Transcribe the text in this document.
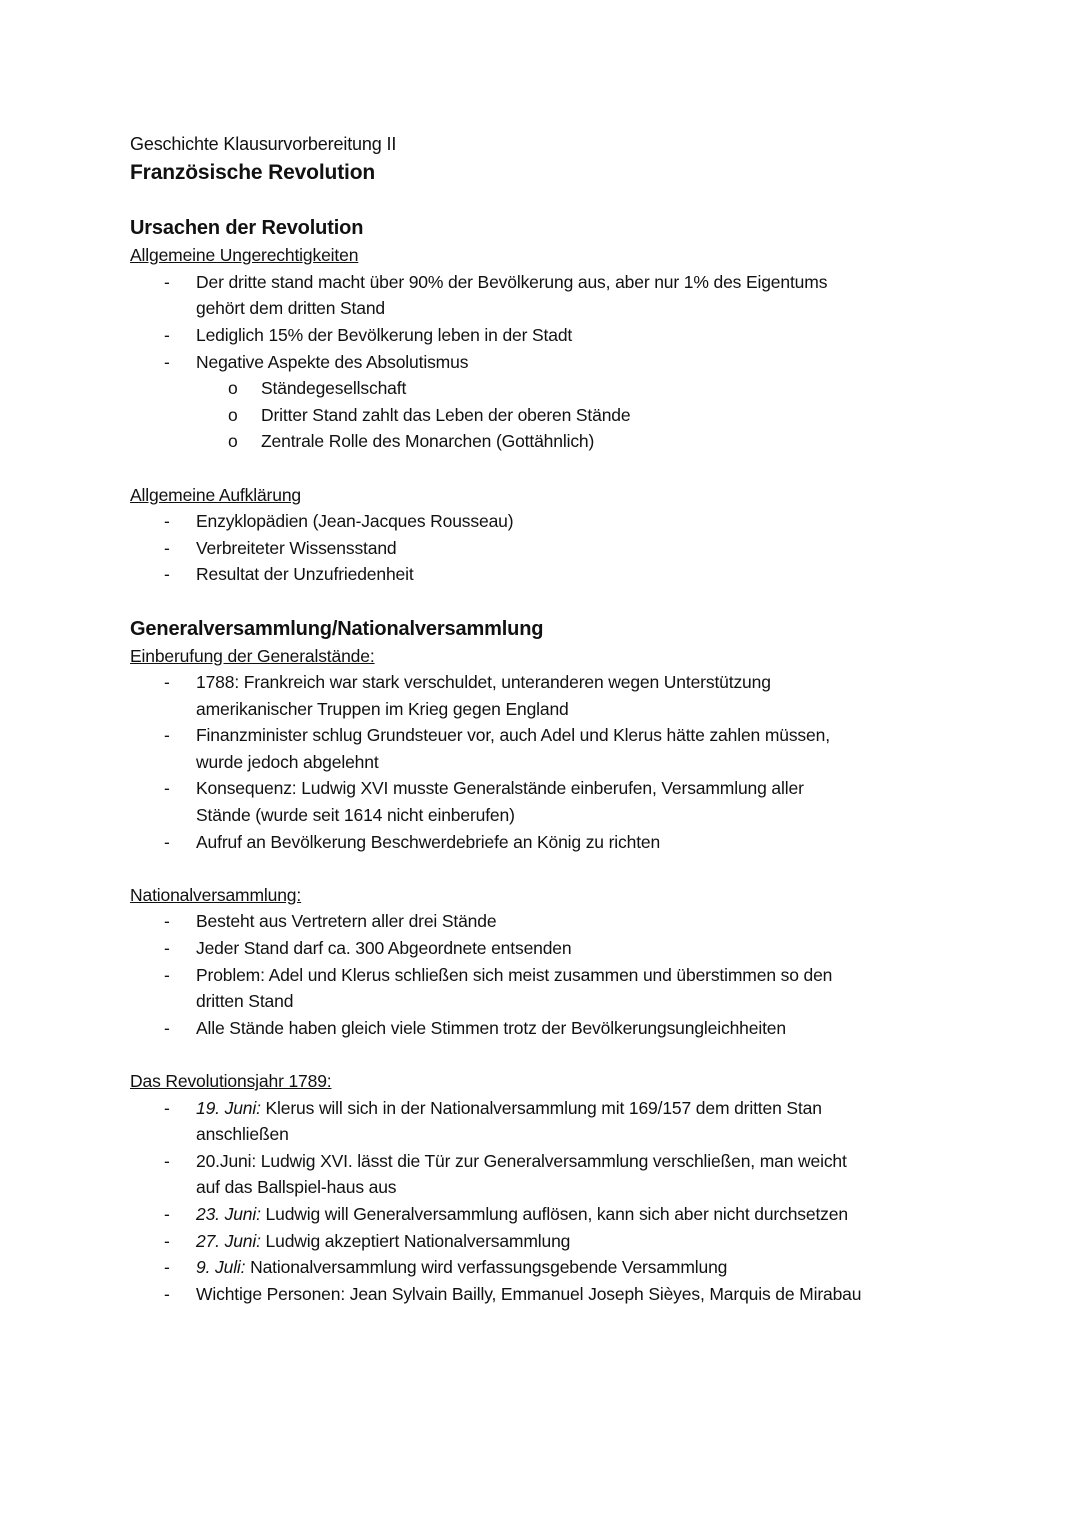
Geschichte Klausurvorbereitung II
Französische Revolution
Ursachen der Revolution
Allgemeine Ungerechtigkeiten
- Der dritte stand macht über 90% der Bevölkerung aus, aber nur 1% des Eigentums
gehört dem dritten Stand
- Lediglich 15% der Bevölkerung leben in der Stadt
- Negative Aspekte des Absolutismus
o Ständegesellschaft
o Dritter Stand zahlt das Leben der oberen Stände
o Zentrale Rolle des Monarchen (Gottähnlich)
Allgemeine Aufklärung
- Enzyklopädien (Jean-Jacques Rousseau)
- Verbreiteter Wissensstand
- Resultat der Unzufriedenheit
Generalversammlung/Nationalversammlung
Einberufung der Generalstände:
- 1788: Frankreich war stark verschuldet, unteranderen wegen Unterstützung
amerikanischer Truppen im Krieg gegen England
- Finanzminister schlug Grundsteuer vor, auch Adel und Klerus hätte zahlen müssen,
wurde jedoch abgelehnt
- Konsequenz: Ludwig XVI musste Generalstände einberufen, Versammlung aller
Stände (wurde seit 1614 nicht einberufen)
- Aufruf an Bevölkerung Beschwerdebriefe an König zu richten
Nationalversammlung:
- Besteht aus Vertretern aller drei Stände
- Jeder Stand darf ca. 300 Abgeordnete entsenden
- Problem: Adel und Klerus schließen sich meist zusammen und überstimmen so den
dritten Stand
- Alle Stände haben gleich viele Stimmen trotz der Bevölkerungsungleichheiten
Das Revolutionsjahr 1789:
- 19. Juni: Klerus will sich in der Nationalversammlung mit 169/157 dem dritten Stan
anschließen
- 20.Juni: Ludwig XVI. lässt die Tür zur Generalversammlung verschließen, man weicht
auf das Ballspiel-haus aus
- 23. Juni: Ludwig will Generalversammlung auflösen, kann sich aber nicht durchsetzen
- 27. Juni: Ludwig akzeptiert Nationalversammlung
- 9. Juli: Nationalversammlung wird verfassungsgebende Versammlung
- Wichtige Personen: Jean Sylvain Bailly, Emmanuel Joseph Sièyes, Marquis de Mirabau
